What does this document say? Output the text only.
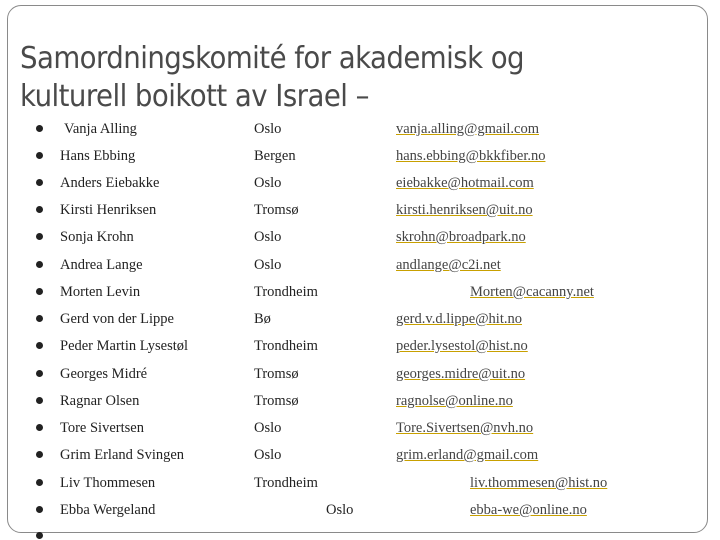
Samordningskomité for akademisk og
kulturell boikott av Israel –
Vanja Alling	Oslo	vanja.alling@gmail.com
Hans Ebbing	Bergen	hans.ebbing@bkkfiber.no
Anders Eiebakke	Oslo	eiebakke@hotmail.com
Kirsti Henriksen	Tromsø	kirsti.henriksen@uit.no
Sonja Krohn	Oslo	skrohn@broadpark.no
Andrea Lange	Oslo	andlange@c2i.net
Morten Levin	Trondheim	Morten@cacanny.net
Gerd von der Lippe	Bø	gerd.v.d.lippe@hit.no
Peder Martin Lysestøl	Trondheim	peder.lysestol@hist.no
Georges Midré	Tromsø	georges.midre@uit.no
Ragnar Olsen	Tromsø	ragnolse@online.no
Tore Sivertsen	Oslo	Tore.Sivertsen@nvh.no
Grim Erland Svingen	Oslo	grim.erland@gmail.com
Liv Thommesen	Trondheim	liv.thommesen@hist.no
Ebba Wergeland	Oslo	ebba-we@online.no
